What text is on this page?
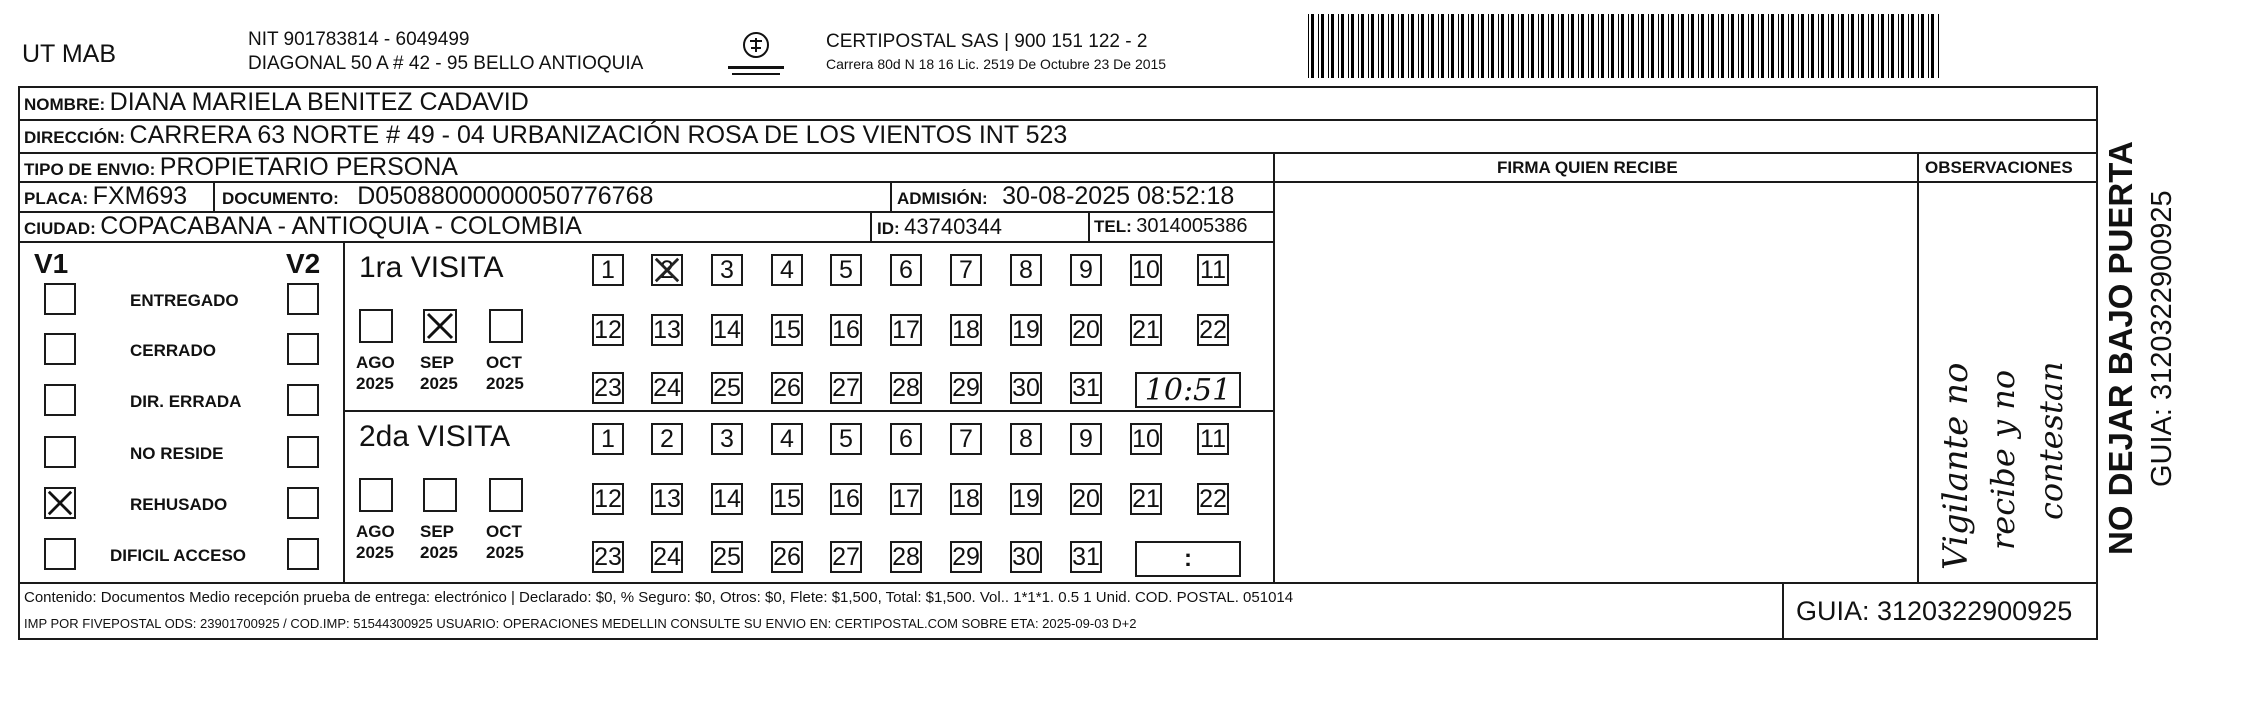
UT MAB
NIT 901783814 - 6049499
DIAGONAL 50 A # 42 - 95 BELLO ANTIOQUIA
CERTIPOSTAL SAS | 900 151 122 - 2
Carrera 80d N 18 16 Lic. 2519 De Octubre 23 De 2015
NOMBRE: DIANA MARIELA BENITEZ CADAVID
DIRECCIÓN: CARRERA 63 NORTE # 49 - 04 URBANIZACIÓN ROSA DE LOS VIENTOS INT 523
TIPO DE ENVIO: PROPIETARIO PERSONA	FIRMA QUIEN RECIBE	OBSERVACIONES
PLACA: FXM693 DOCUMENTO: D05088000000050776768	ADMISIÓN: 30-08-2025 08:52:18
CIUDAD: COPACABANA - ANTIOQUIA - COLOMBIA	ID: 43740344	TEL: 3014005386
V1	V2
ENTREGADO
CERRADO
DIR. ERRADA
NO RESIDE
REHUSADO
DIFICIL ACCESO
1ra VISITA
AGO
2025
SEP
2025
OCT
2025
1 2 3 4 5 6 7 8 9 10 11
12 13 14 15 16 17 18 19 20 21 22
23 24 25 26 27 28 29 30 31 10:51
2da VISITA
AGO
2025
SEP
2025
OCT
2025
1 2 3 4 5 6 7 8 9 10 11
12 13 14 15 16 17 18 19 20 21 22
23 24 25 26 27 28 29 30 31	:	Vigilante no recibe y no contestan
Contenido: Documentos Medio recepción prueba de entrega: electrónico | Declarado: $0, % Seguro: $0, Otros: $0, Flete: $1,500, Total: $1,500. Vol.. 1*1*1. 0.5 1 Unid. COD. POSTAL. 051014
IMP POR FIVEPOSTAL ODS: 23901700925 / COD.IMP: 51544300925 USUARIO: OPERACIONES MEDELLIN CONSULTE SU ENVIO EN: CERTIPOSTAL.COM SOBRE ETA: 2025-09-03 D+2	GUIA: 3120322900925
NO DEJAR BAJO PUERTA GUIA: 3120322900925
